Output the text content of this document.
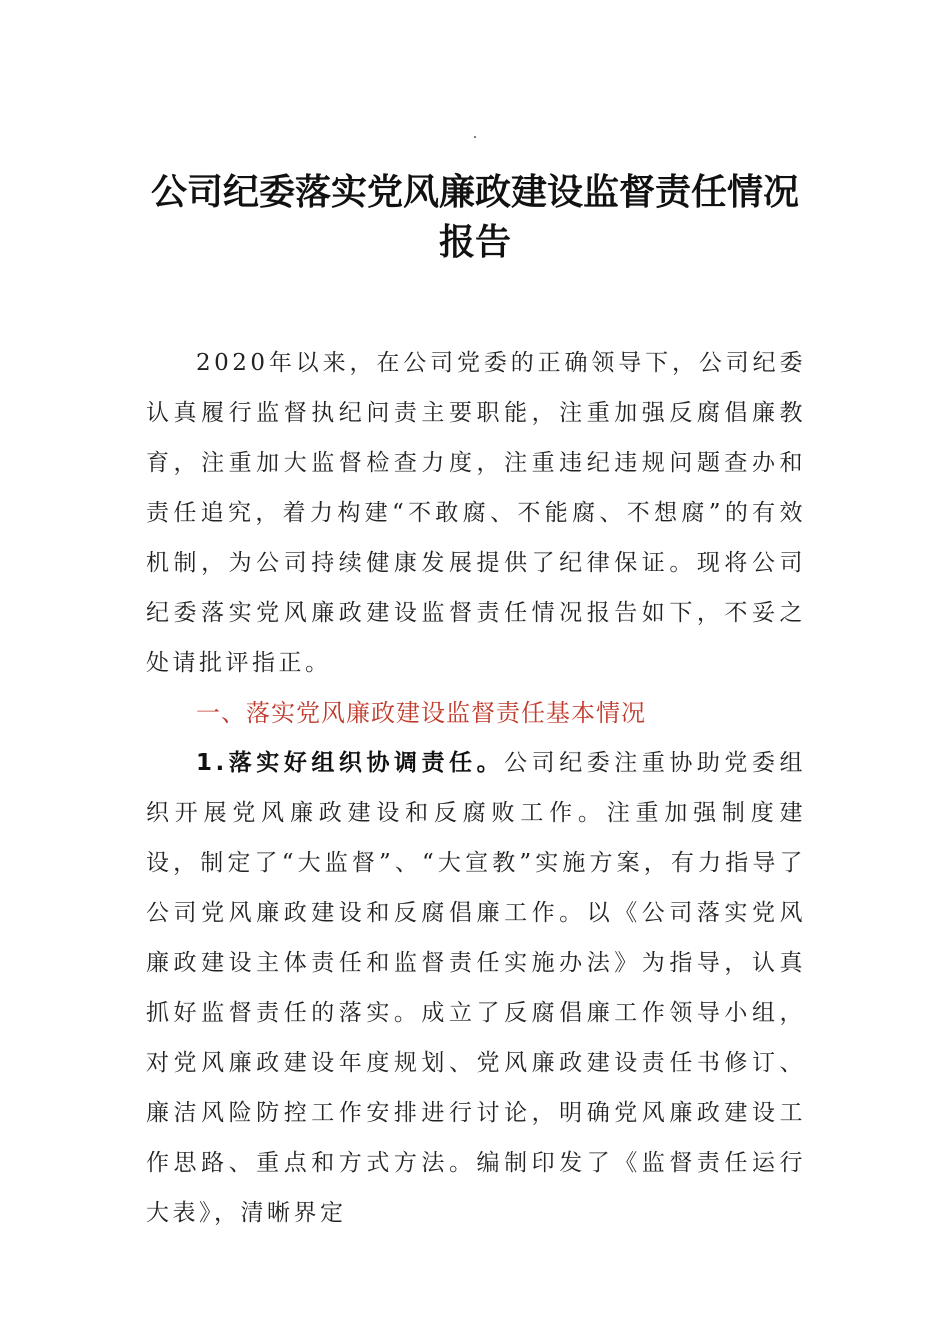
公司纪委落实党风廉政建设监督责任情况
报告

2020年以来，在公司党委的正确领导下，公司纪委认真履行监督执纪问责主要职能，注重加强反腐倡廉教育，注重加大监督检查力度，注重违纪违规问题查办和责任追究，着力构建“不敢腐、不能腐、不想腐”的有效机制，为公司持续健康发展提供了纪律保证。现将公司纪委落实党风廉政建设监督责任情况报告如下，不妥之处请批评指正。

一、落实党风廉政建设监督责任基本情况

1.落实好组织协调责任。公司纪委注重协助党委组织开展党风廉政建设和反腐败工作。注重加强制度建设，制定了“大监督”、“大宣教”实施方案，有力指导了公司党风廉政建设和反腐倡廉工作。以《公司落实党风廉政建设主体责任和监督责任实施办法》为指导，认真抓好监督责任的落实。成立了反腐倡廉工作领导小组，对党风廉政建设年度规划、党风廉政建设责任书修订、廉洁风险防控工作安排进行讨论，明确党风廉政建设工作思路、重点和方式方法。编制印发了《监督责任运行大表》，清晰界定
